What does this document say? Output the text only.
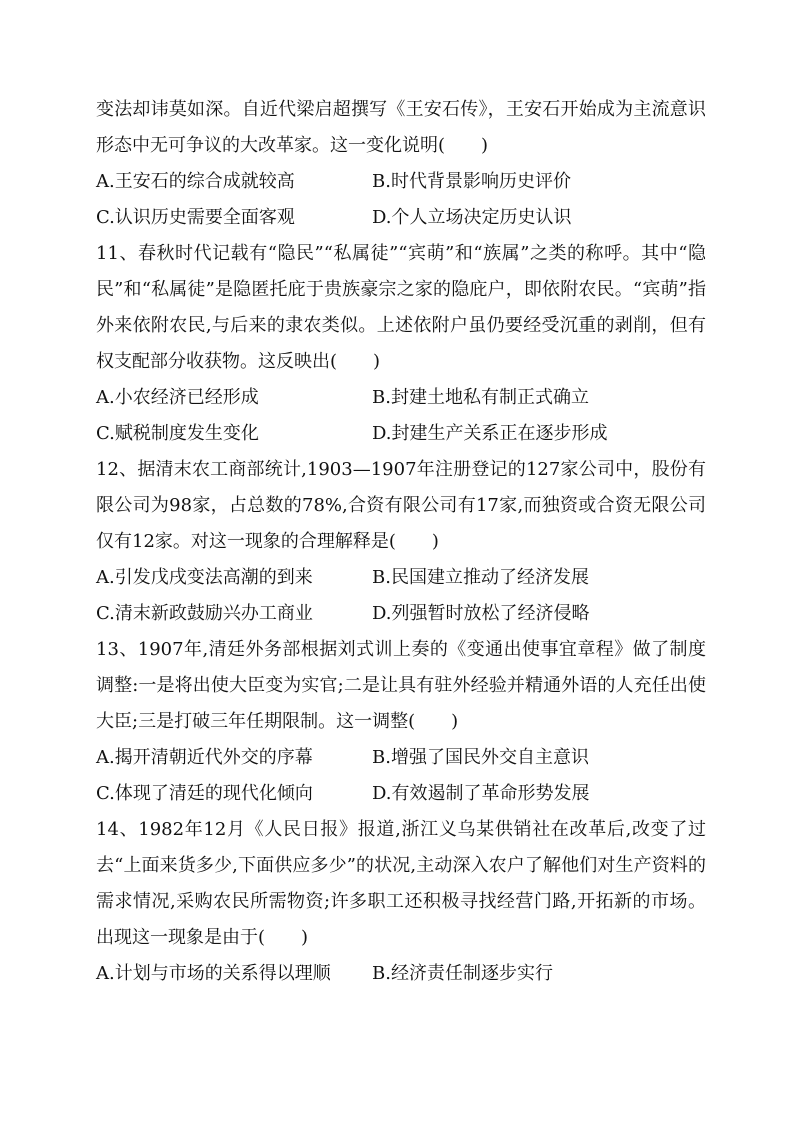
变法却讳莫如深。自近代梁启超撰写《王安石传》，王安石开始成为主流意识形态中无可争议的大改革家。这一变化说明(　　)

A.王安石的综合成就较高	B.时代背景影响历史评价
C.认识历史需要全面客观	D.个人立场决定历史认识

11、春秋时代记载有“隐民”“私属徒”“宾萌”和“族属”之类的称呼。其中“隐民”和“私属徒”是隐匿托庇于贵族豪宗之家的隐庇户，即依附农民。“宾萌”指外来依附农民,与后来的隶农类似。上述依附户虽仍要经受沉重的剥削，但有权支配部分收获物。这反映出(　　)

A.小农经济已经形成	B.封建土地私有制正式确立
C.赋税制度发生变化	D.封建生产关系正在逐步形成

12、据清末农工商部统计,1903—1907年注册登记的127家公司中，股份有限公司为98家，占总数的78%,合资有限公司有17家,而独资或合资无限公司仅有12家。对这一现象的合理解释是(　　)

A.引发戊戌变法高潮的到来	B.民国建立推动了经济发展
C.清末新政鼓励兴办工商业	D.列强暂时放松了经济侵略

13、1907年,清廷外务部根据刘式训上奏的《变通出使事宜章程》做了制度调整:一是将出使大臣变为实官;二是让具有驻外经验并精通外语的人充任出使大臣;三是打破三年任期限制。这一调整(　　)

A.揭开清朝近代外交的序幕	B.增强了国民外交自主意识
C.体现了清廷的现代化倾向	D.有效遏制了革命形势发展

14、1982年12月《人民日报》报道,浙江义乌某供销社在改革后,改变了过去“上面来货多少,下面供应多少”的状况,主动深入农户了解他们对生产资料的需求情况,采购农民所需物资;许多职工还积极寻找经营门路,开拓新的市场。出现这一现象是由于(　　)

A.计划与市场的关系得以理顺	B.经济责任制逐步实行
